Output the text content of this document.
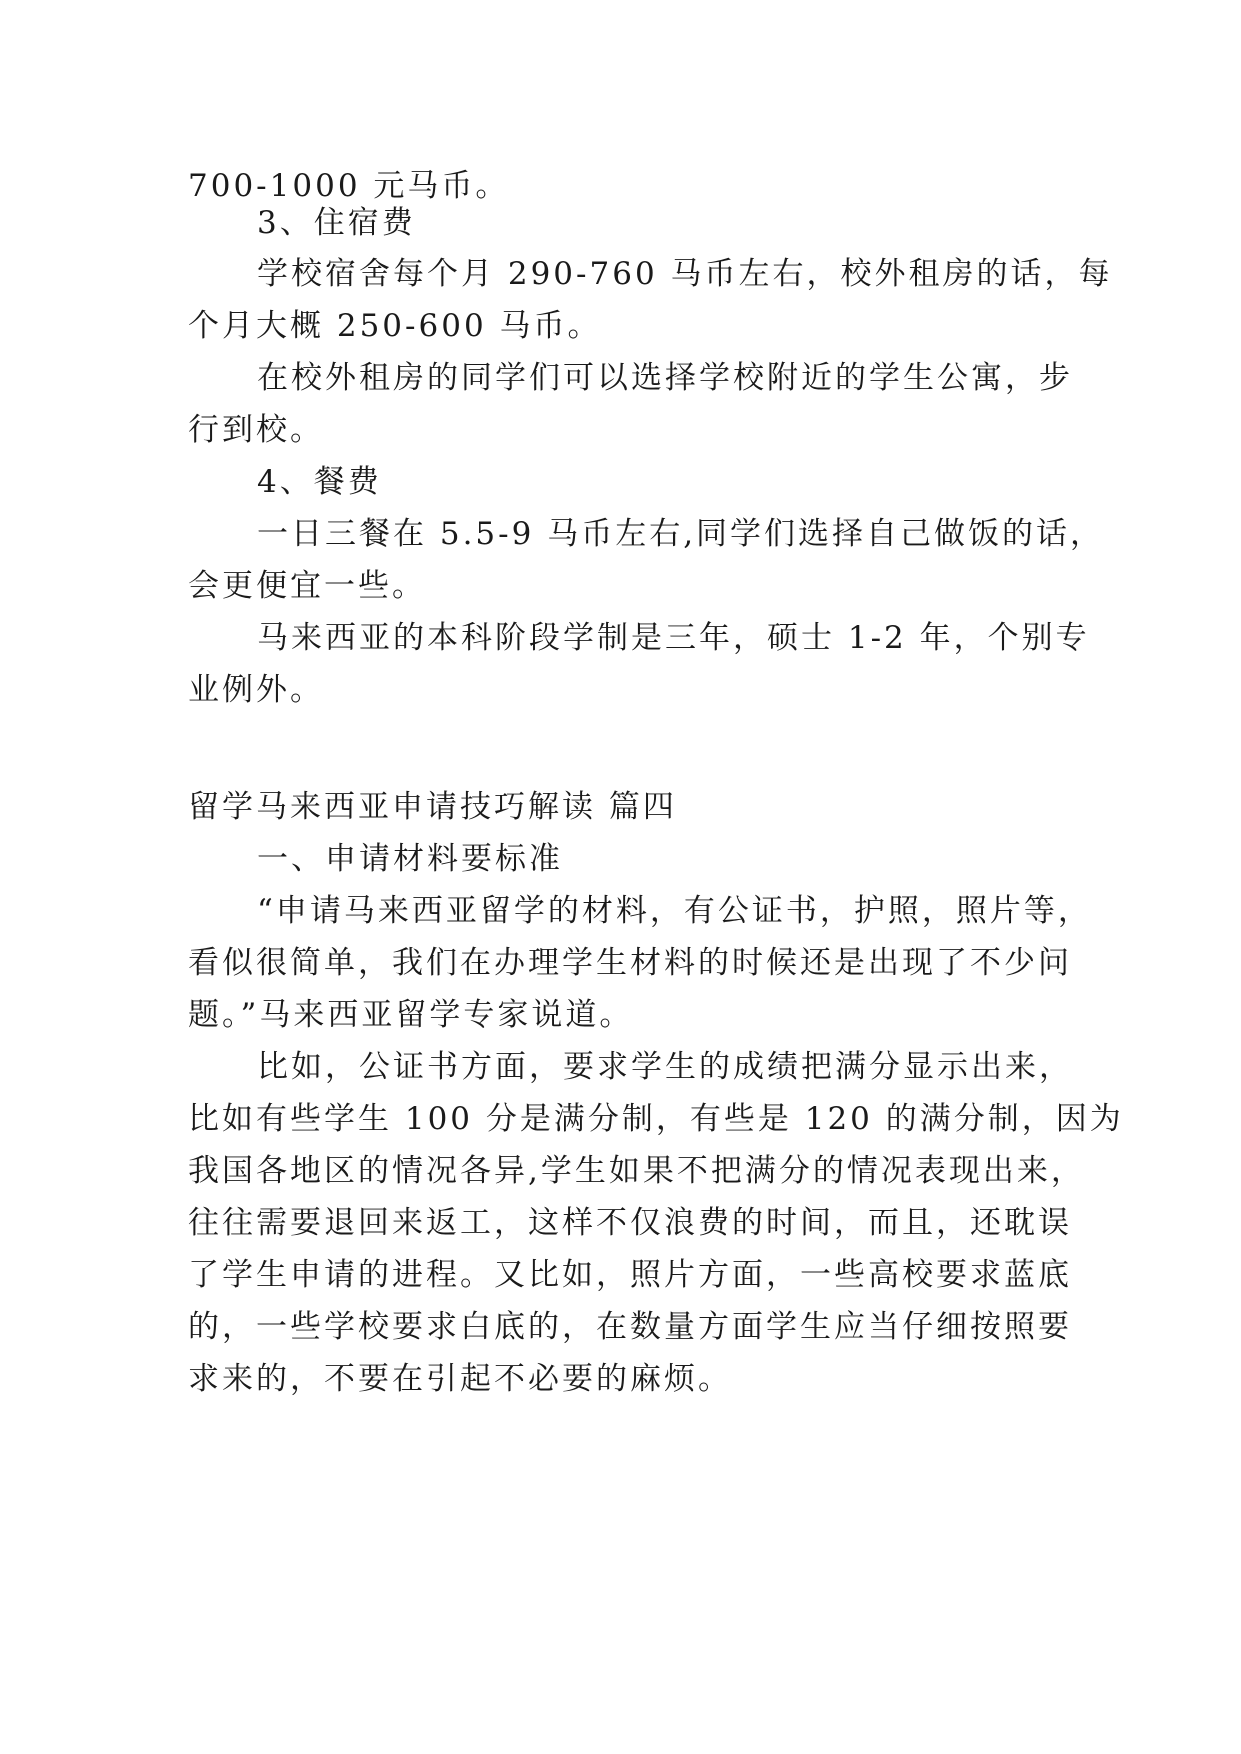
700-1000 元马币。
3、住宿费
学校宿舍每个月 290-760 马币左右，校外租房的话，每
个月大概 250-600 马币。
在校外租房的同学们可以选择学校附近的学生公寓，步
行到校。
4、餐费
一日三餐在 5.5-9 马币左右,同学们选择自己做饭的话，
会更便宜一些。
马来西亚的本科阶段学制是三年，硕士 1-2 年，个别专
业例外。
留学马来西亚申请技巧解读 篇四
一、申请材料要标准
“申请马来西亚留学的材料，有公证书，护照，照片等，
看似很简单，我们在办理学生材料的时候还是出现了不少问
题。”马来西亚留学专家说道。
比如，公证书方面，要求学生的成绩把满分显示出来，
比如有些学生 100 分是满分制，有些是 120 的满分制，因为
我国各地区的情况各异,学生如果不把满分的情况表现出来，
往往需要退回来返工，这样不仅浪费的时间，而且，还耽误
了学生申请的进程。又比如，照片方面，一些高校要求蓝底
的，一些学校要求白底的，在数量方面学生应当仔细按照要
求来的，不要在引起不必要的麻烦。
